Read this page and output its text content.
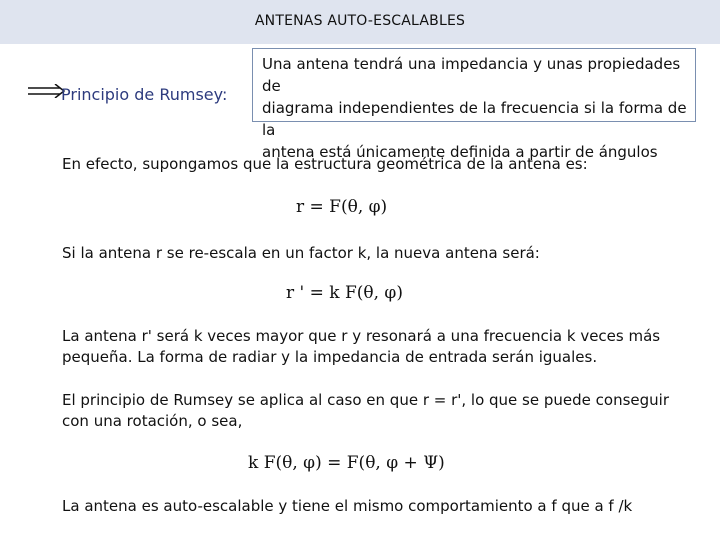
ANTENAS AUTO-ESCALABLES
Principio de Rumsey:
Una antena tendrá una impedancia y unas propiedades de
diagrama independientes de la frecuencia si la forma de la
antena está únicamente definida a partir de ángulos
En efecto, supongamos que la estructura geométrica de la antena es:
r = F(θ, φ)
Si la antena r se re-escala en un factor k, la nueva antena será:
r ' = k F(θ, φ)
La antena r' será k veces mayor que r y resonará a una frecuencia k veces más
pequeña. La forma de radiar y la impedancia de entrada serán iguales.
El principio de Rumsey se aplica al caso en que r = r', lo que se puede conseguir
con una rotación, o sea,
k F(θ, φ) = F(θ, φ + Ψ)
La antena es auto-escalable y tiene el mismo comportamiento a f que a f /k
